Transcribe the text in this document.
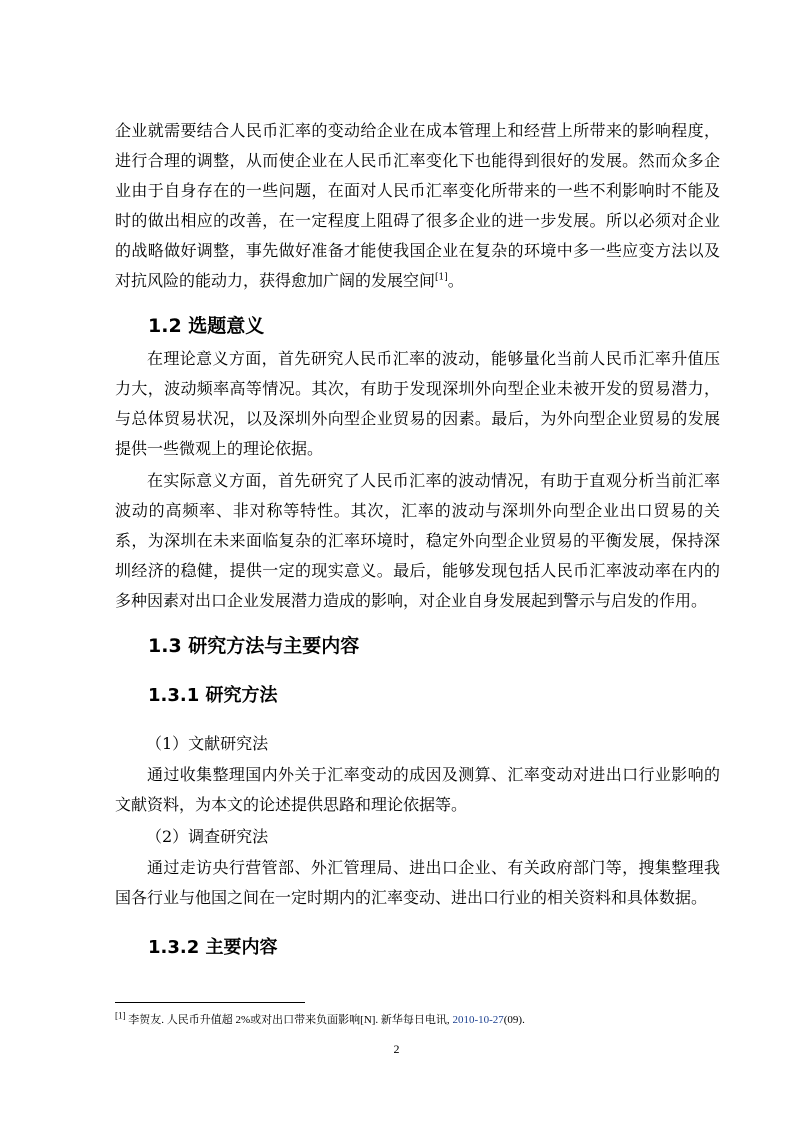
企业就需要结合人民币汇率的变动给企业在成本管理上和经营上所带来的影响程度，进行合理的调整，从而使企业在人民币汇率变化下也能得到很好的发展。然而众多企业由于自身存在的一些问题，在面对人民币汇率变化所带来的一些不利影响时不能及时的做出相应的改善，在一定程度上阻碍了很多企业的进一步发展。所以必须对企业的战略做好调整，事先做好准备才能使我国企业在复杂的环境中多一些应变方法以及对抗风险的能动力，获得愈加广阔的发展空间[1]。

1.2 选题意义

在理论意义方面，首先研究人民币汇率的波动，能够量化当前人民币汇率升值压力大，波动频率高等情况。其次，有助于发现深圳外向型企业未被开发的贸易潜力，与总体贸易状况，以及深圳外向型企业贸易的因素。最后，为外向型企业贸易的发展提供一些微观上的理论依据。

在实际意义方面，首先研究了人民币汇率的波动情况，有助于直观分析当前汇率波动的高频率、非对称等特性。其次，汇率的波动与深圳外向型企业出口贸易的关系，为深圳在未来面临复杂的汇率环境时，稳定外向型企业贸易的平衡发展，保持深圳经济的稳健，提供一定的现实意义。最后，能够发现包括人民币汇率波动率在内的多种因素对出口企业发展潜力造成的影响，对企业自身发展起到警示与启发的作用。

1.3 研究方法与主要内容
1.3.1 研究方法

（1）文献研究法

通过收集整理国内外关于汇率变动的成因及测算、汇率变动对进出口行业影响的文献资料，为本文的论述提供思路和理论依据等。

（2）调查研究法

通过走访央行营管部、外汇管理局、进出口企业、有关政府部门等，搜集整理我国各行业与他国之间在一定时期内的汇率变动、进出口行业的相关资料和具体数据。

1.3.2 主要内容
[1] 李贺友. 人民币升值超 2%或对出口带来负面影响[N]. 新华每日电讯, 2010-10-27(09).
2
